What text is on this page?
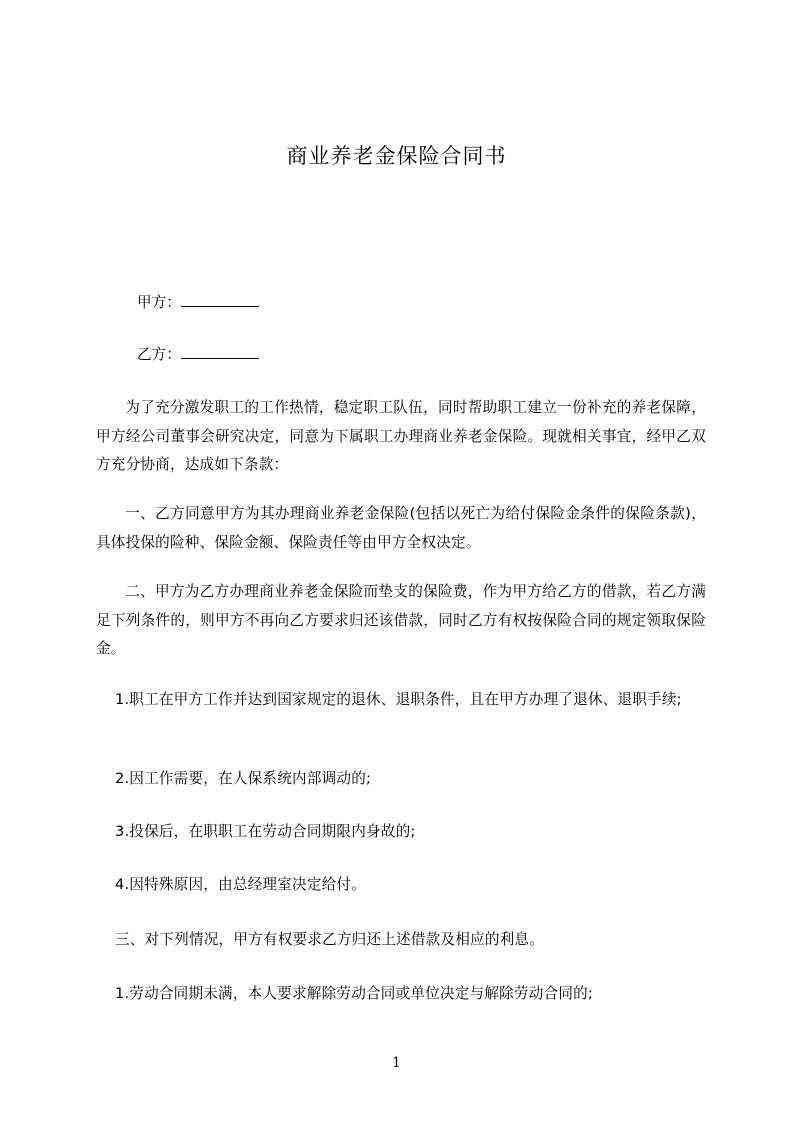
商业养老金保险合同书
甲方：
乙方：
为了充分激发职工的工作热情，稳定职工队伍，同时帮助职工建立一份补充的养老保障，甲方经公司董事会研究决定，同意为下属职工办理商业养老金保险。现就相关事宜，经甲乙双方充分协商，达成如下条款：
一、乙方同意甲方为其办理商业养老金保险(包括以死亡为给付保险金条件的保险条款)，具体投保的险种、保险金额、保险责任等由甲方全权决定。
二、甲方为乙方办理商业养老金保险而垫支的保险费，作为甲方给乙方的借款，若乙方满足下列条件的，则甲方不再向乙方要求归还该借款，同时乙方有权按保险合同的规定领取保险金。
1.职工在甲方工作并达到国家规定的退休、退职条件，且在甲方办理了退休、退职手续;
2.因工作需要，在人保系统内部调动的;
3.投保后，在职职工在劳动合同期限内身故的;
4.因特殊原因，由总经理室决定给付。
三、对下列情况，甲方有权要求乙方归还上述借款及相应的利息。
1.劳动合同期未满，本人要求解除劳动合同或单位决定与解除劳动合同的;
1
